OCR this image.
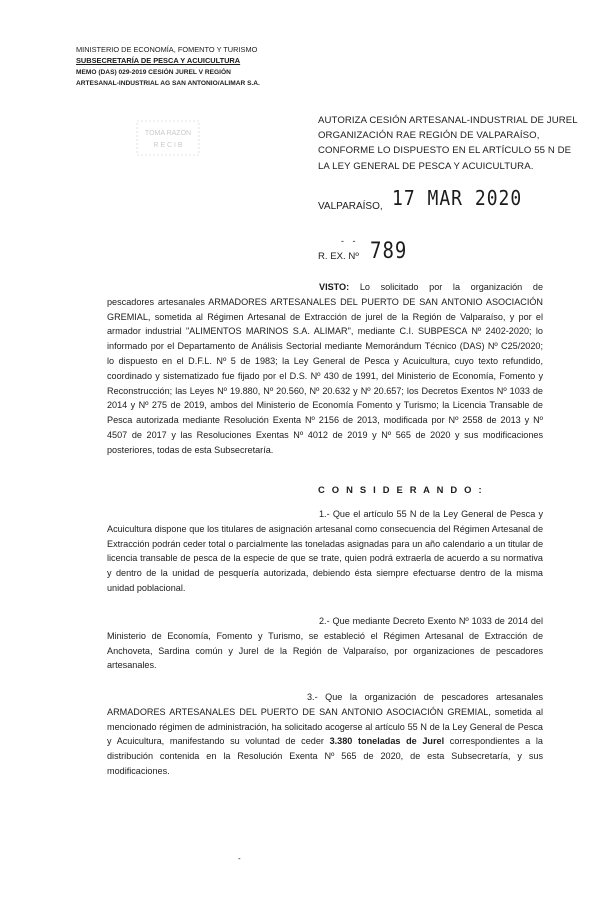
MINISTERIO DE ECONOMÍA, FOMENTO Y TURISMO
SUBSECRETARÍA DE PESCA Y ACUICULTURA
MEMO (DAS) 029-2019 CESIÓN JUREL V REGIÓN
ARTESANAL-INDUSTRIAL AG SAN ANTONIO/ALIMAR S.A.
TOMA RAZON
R E C I B
AUTORIZA CESIÓN ARTESANAL-INDUSTRIAL DE JUREL
ORGANIZACIÓN RAE REGIÓN DE VALPARAÍSO,
CONFORME LO DISPUESTO EN EL ARTÍCULO 55 N DE
LA LEY GENERAL DE PESCA Y ACUICULTURA.
VALPARAÍSO, 17 MAR 2020
- -
R. EX. Nº 789

VISTO: Lo solicitado por la organización de pescadores artesanales ARMADORES ARTESANALES DEL PUERTO DE SAN ANTONIO ASOCIACIÓN GREMIAL, sometida al Régimen Artesanal de Extracción de jurel de la Región de Valparaíso, y por el armador industrial "ALIMENTOS MARINOS S.A. ALIMAR", mediante C.I. SUBPESCA Nº 2402-2020; lo informado por el Departamento de Análisis Sectorial mediante Memorándum Técnico (DAS) Nº C25/2020; lo dispuesto en el D.F.L. Nº 5 de 1983; la Ley General de Pesca y Acuicultura, cuyo texto refundido, coordinado y sistematizado fue fijado por el D.S. Nº 430 de 1991, del Ministerio de Economía, Fomento y Reconstrucción; las Leyes Nº 19.880, Nº 20.560, Nº 20.632 y Nº 20.657; los Decretos Exentos Nº 1033 de 2014 y Nº 275 de 2019, ambos del Ministerio de Economía Fomento y Turismo; la Licencia Transable de Pesca autorizada mediante Resolución Exenta Nº 2156 de 2013, modificada por Nº 2558 de 2013 y Nº 4507 de 2017 y las Resoluciones Exentas Nº 4012 de 2019 y Nº 565 de 2020 y sus modificaciones posteriores, todas de esta Subsecretaría.

C O N S I D E R A N D O :

1.- Que el artículo 55 N de la Ley General de Pesca y Acuicultura dispone que los titulares de asignación artesanal como consecuencia del Régimen Artesanal de Extracción podrán ceder total o parcialmente las toneladas asignadas para un año calendario a un titular de licencia transable de pesca de la especie de que se trate, quien podrá extraerla de acuerdo a su normativa y dentro de la unidad de pesquería autorizada, debiendo ésta siempre efectuarse dentro de la misma unidad poblacional.

2.- Que mediante Decreto Exento Nº 1033 de 2014 del Ministerio de Economía, Fomento y Turismo, se estableció el Régimen Artesanal de Extracción de Anchoveta, Sardina común y Jurel de la Región de Valparaíso, por organizaciones de pescadores artesanales.

3.- Que la organización de pescadores artesanales ARMADORES ARTESANALES DEL PUERTO DE SAN ANTONIO ASOCIACIÓN GREMIAL, sometida al mencionado régimen de administración, ha solicitado acogerse al artículo 55 N de la Ley General de Pesca y Acuicultura, manifestando su voluntad de ceder 3.380 toneladas de Jurel correspondientes a la distribución contenida en la Resolución Exenta Nº 565 de 2020, de esta Subsecretaría, y sus modificaciones.

-
